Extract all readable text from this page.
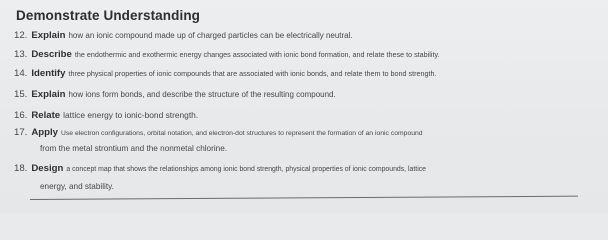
Demonstrate Understanding
12. Explain how an ionic compound made up of charged particles can be electrically neutral.
13. Describe the endothermic and exothermic energy changes associated with ionic bond formation, and relate these to stability.
14. Identify three physical properties of ionic compounds that are associated with ionic bonds, and relate them to bond strength.
15. Explain how ions form bonds, and describe the structure of the resulting compound.
16. Relate lattice energy to ionic-bond strength.
17. Apply Use electron configurations, orbital notation, and electron-dot structures to represent the formation of an ionic compound
from the metal strontium and the nonmetal chlorine.
18. Design a concept map that shows the relationships among ionic bond strength, physical properties of ionic compounds, lattice
energy, and stability.
